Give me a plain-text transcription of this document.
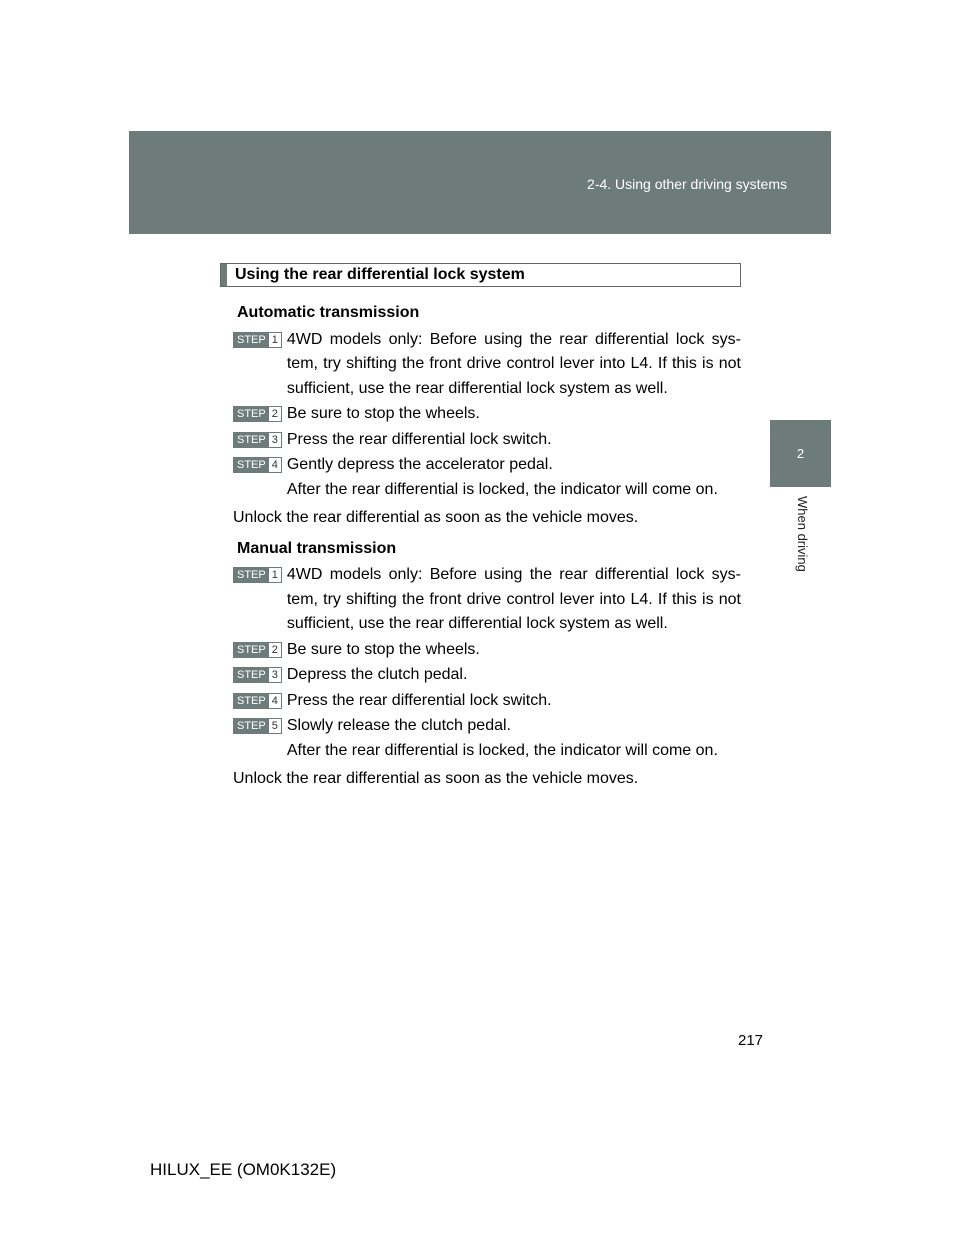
2-4. Using other driving systems
2
When driving
Using the rear differential lock system
Automatic transmission
STEP 1 4WD models only: Before using the rear differential lock sys-tem, try shifting the front drive control lever into L4. If this is not sufficient, use the rear differential lock system as well.
STEP 2 Be sure to stop the wheels.
STEP 3 Press the rear differential lock switch.
STEP 4 Gently depress the accelerator pedal.
After the rear differential is locked, the indicator will come on.
Unlock the rear differential as soon as the vehicle moves.
Manual transmission
STEP 1 4WD models only: Before using the rear differential lock sys-tem, try shifting the front drive control lever into L4. If this is not sufficient, use the rear differential lock system as well.
STEP 2 Be sure to stop the wheels.
STEP 3 Depress the clutch pedal.
STEP 4 Press the rear differential lock switch.
STEP 5 Slowly release the clutch pedal.
After the rear differential is locked, the indicator will come on.
Unlock the rear differential as soon as the vehicle moves.
217
HILUX_EE (OM0K132E)
